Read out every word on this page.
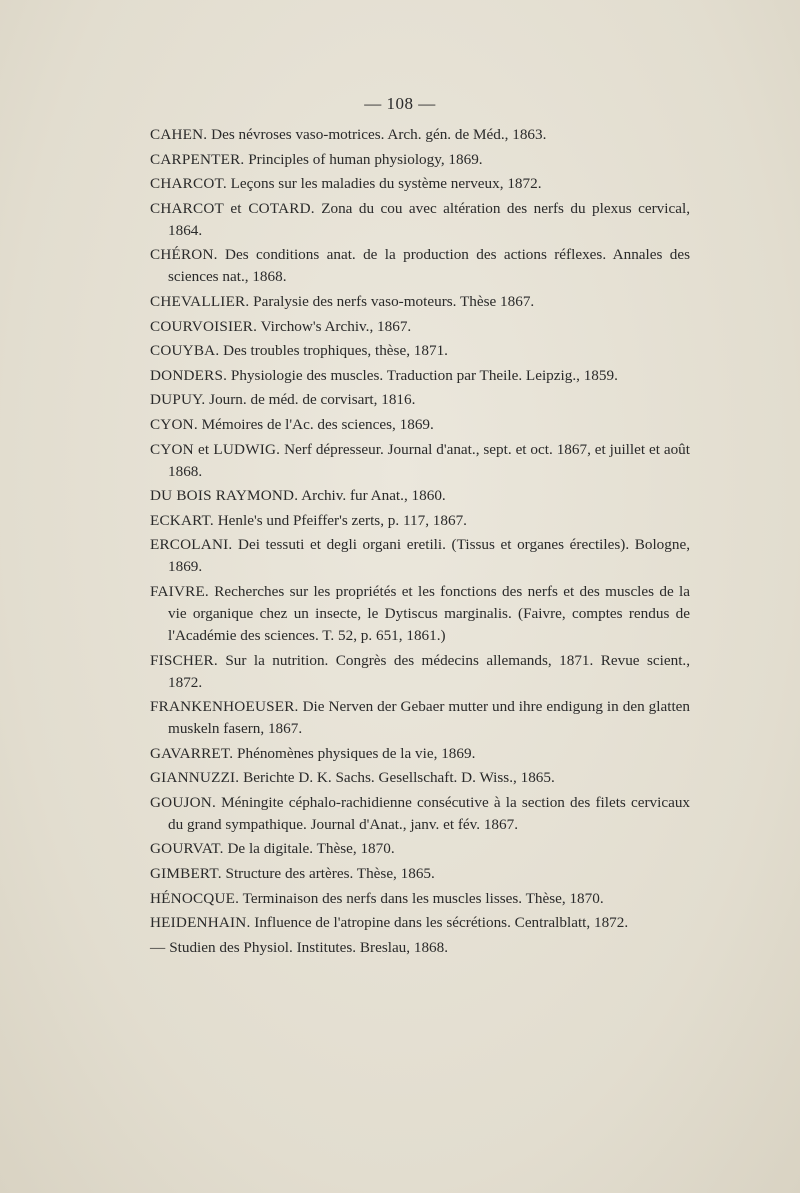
— 108 —

CAHEN. Des névroses vaso-motrices. Arch. gén. de Méd., 1863.

CARPENTER. Principles of human physiology, 1869.

CHARCOT. Leçons sur les maladies du système nerveux, 1872.

CHARCOT et COTARD. Zona du cou avec altération des nerfs du plexus cervical, 1864.

CHÉRON. Des conditions anat. de la production des actions réflexes. Annales des sciences nat., 1868.

CHEVALLIER. Paralysie des nerfs vaso-moteurs. Thèse 1867.

COURVOISIER. Virchow's Archiv., 1867.

COUYBA. Des troubles trophiques, thèse, 1871.

DONDERS. Physiologie des muscles. Traduction par Theile. Leipzig., 1859.

DUPUY. Journ. de méd. de corvisart, 1816.

CYON. Mémoires de l'Ac. des sciences, 1869.

CYON et LUDWIG. Nerf dépresseur. Journal d'anat., sept. et oct. 1867, et juillet et août 1868.

DU BOIS RAYMOND. Archiv. fur Anat., 1860.

ECKART. Henle's und Pfeiffer's zerts, p. 117, 1867.

ERCOLANI. Dei tessuti et degli organi eretili. (Tissus et organes érectiles). Bologne, 1869.

FAIVRE. Recherches sur les propriétés et les fonctions des nerfs et des muscles de la vie organique chez un insecte, le Dytiscus marginalis. (Faivre, comptes rendus de l'Académie des sciences. T. 52, p. 651, 1861.)

FISCHER. Sur la nutrition. Congrès des médecins allemands, 1871. Revue scient., 1872.

FRANKENHOEUSER. Die Nerven der Gebaer mutter und ihre endigung in den glatten muskeln fasern, 1867.

GAVARRET. Phénomènes physiques de la vie, 1869.

GIANNUZZI. Berichte D. K. Sachs. Gesellschaft. D. Wiss., 1865.

GOUJON. Méningite céphalo-rachidienne consécutive à la section des filets cervicaux du grand sympathique. Journal d'Anat., janv. et fév. 1867.

GOURVAT. De la digitale. Thèse, 1870.

GIMBERT. Structure des artères. Thèse, 1865.

HÉNOCQUE. Terminaison des nerfs dans les muscles lisses. Thèse, 1870.

HEIDENHAIN. Influence de l'atropine dans les sécrétions. Centralblatt, 1872.

— Studien des Physiol. Institutes. Breslau, 1868.
